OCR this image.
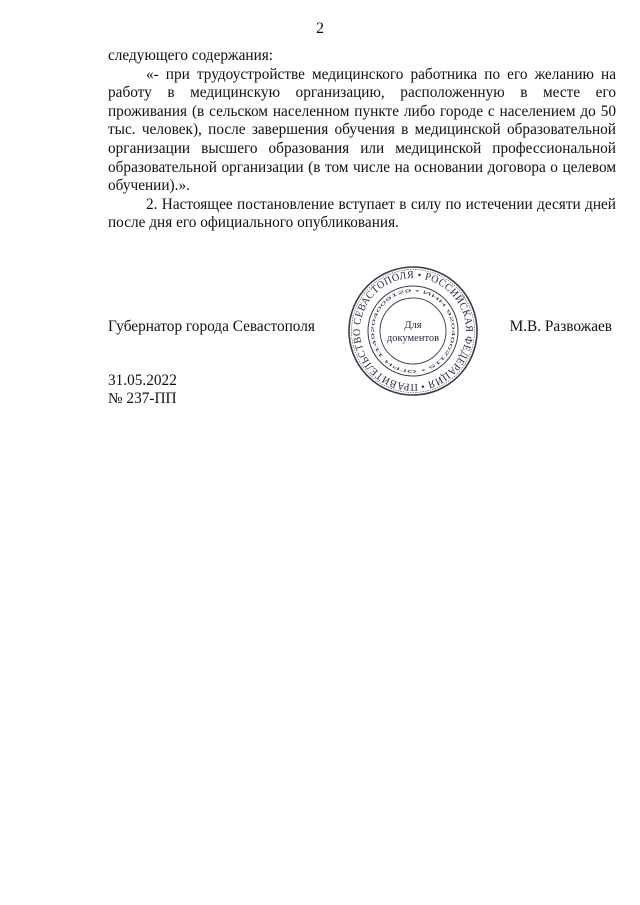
2

следующего содержания:

«- при трудоустройстве медицинского работника по его желанию на работу в медицинскую организацию, расположенную в месте его проживания (в сельском населенном пункте либо городе с населением до 50 тыс. человек), после завершения обучения в медицинской образовательной организации высшего образования или медицинской профессиональной образовательной организации (в том числе на основании договора о целевом обучении).».

2. Настоящее постановление вступает в силу по истечении десяти дней после дня его официального опубликования.

Губернатор города Севастополя	М.В. Развожаев
ПРАВИТЕЛЬСТВО СЕВАСТОПОЛЯ • РОССИЙСКАЯ ФЕДЕРАЦИЯ •
ОГРН 1149204009129 • ИНН 9204002115 •
Для
документов
31.05.2022
№ 237-ПП
